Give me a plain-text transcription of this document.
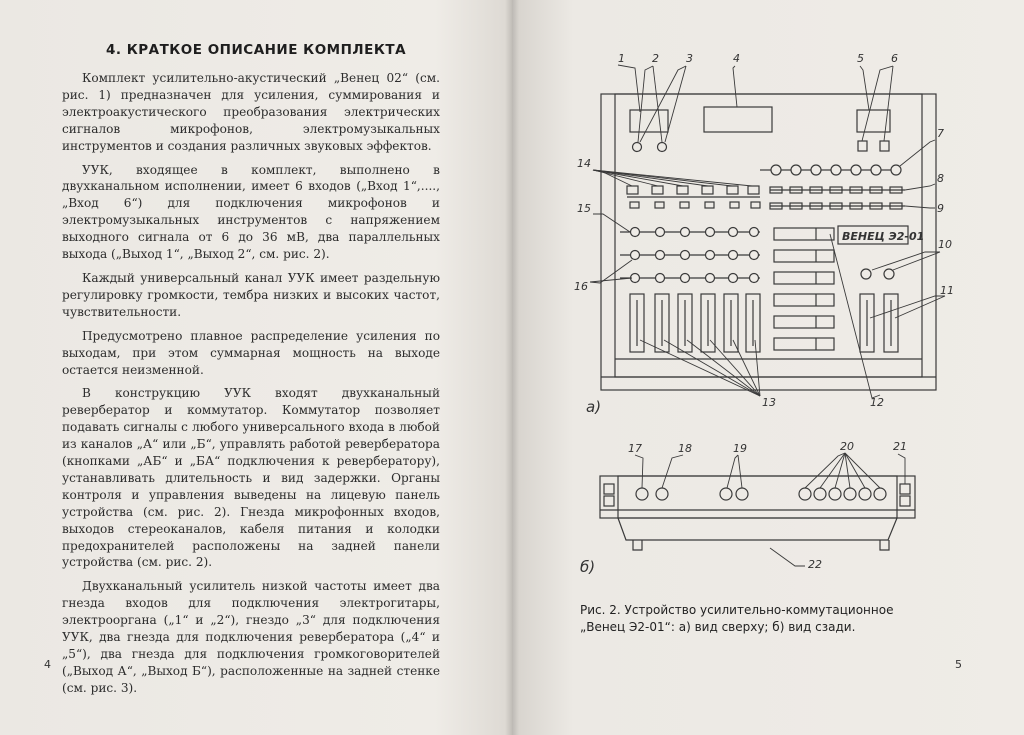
4. КРАТКОЕ ОПИСАНИЕ КОМПЛЕКТА

Комплект усилительно-акустический „Венец 02“ (см. рис. 1) предназначен для усиления, суммирования и электроакустического преобразования электрических сигналов микрофонов, электромузыкальных инструментов и создания различных звуковых эффектов.

УУК, входящее в комплект, выполнено в двухканальном исполнении, имеет 6 входов („Вход 1“,...., „Вход 6“) для подключения микрофонов и электромузыкальных инструментов с напряжением выходного сигнала от 6 до 36 мВ, два параллельных выхода („Выход 1“, „Выход 2“, см. рис. 2).

Каждый универсальный канал УУК имеет раздельную регулировку громкости, тембра низких и высоких частот, чувствительности.

Предусмотрено плавное распределение усиления по выходам, при этом суммарная мощность на выходе остается неизменной.

В конструкцию УУК входят двухканальный ревербератор и коммутатор. Коммутатор позволяет подавать сигналы с любого универсального входа в любой из каналов „А“ или „Б“, управлять работой ревербератора (кнопками „АБ“ и „БА“ подключения к ревербератору), устанавливать длительность и вид задержки. Органы контроля и управления выведены на лицевую панель устройства (см. рис. 2). Гнезда микрофонных входов, выходов стереоканалов, кабеля питания и колодки предохранителей расположены на задней панели устройства (см. рис. 2).

Двухканальный усилитель низкой частоты имеет два гнезда входов для подключения электрогитары, электрооргана („1“ и „2“), гнездо „3“ для подключения УУК, два гнезда для подключения ревербератора („4“ и „5“), два гнезда для подключения громкоговорителей („Выход А“, „Выход Б“), расположенные на задней стенке (см. рис. 3).

4
ВЕНЕЦ Э2-01
а)
б)
1 2 3	4	5 6
7
8
9
10
11
12
13
14
15
16
17	18	19	20	21
22

Рис. 2. Устройство усилительно-коммутационное

„Венец Э2-01“: а) вид сверху; б) вид сзади.

5
